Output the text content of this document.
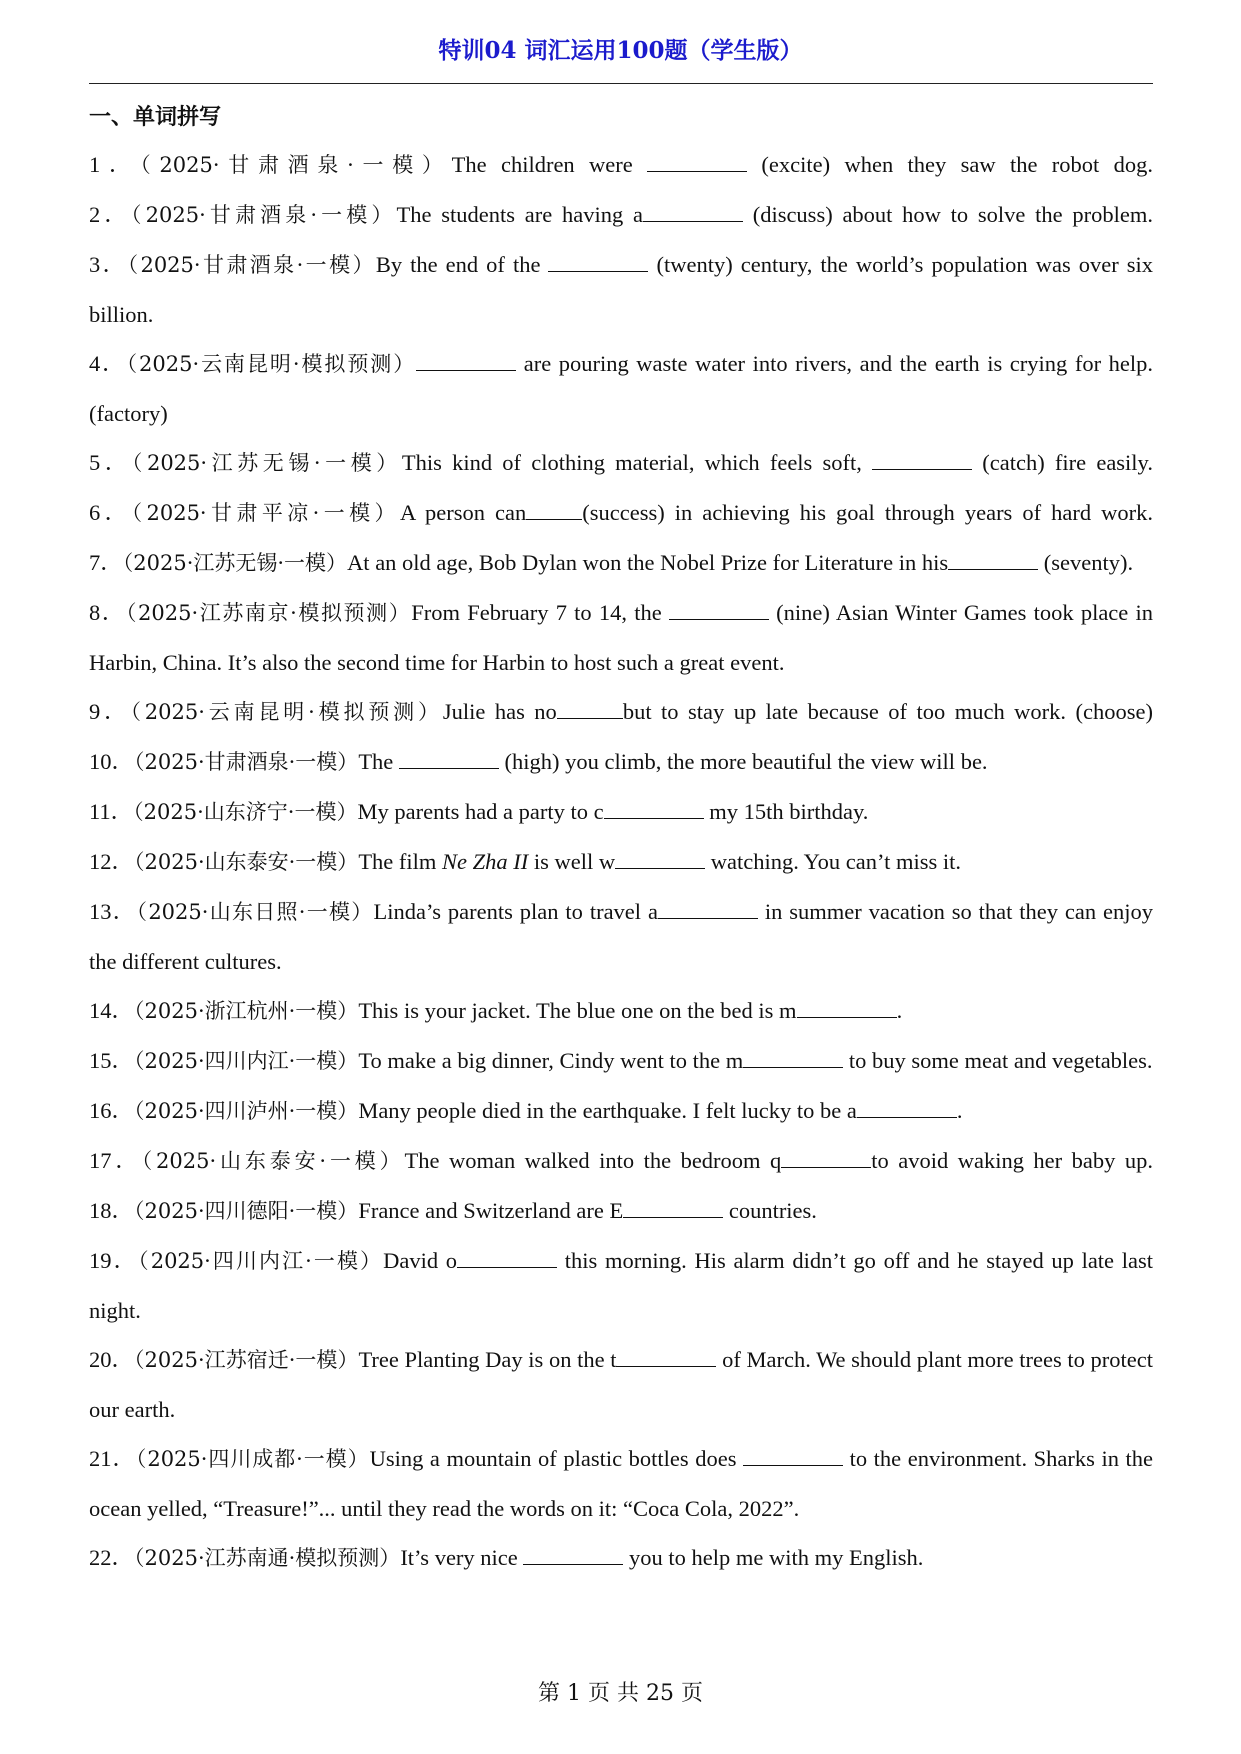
特训04 词汇运用100题（学生版）
一、单词拼写

1．（2025·甘肃酒泉·一模）The children were	(excite) when they saw the robot dog.

2．（2025·甘肃酒泉·一模）The students are having a	(discuss) about how to solve the problem.

3．（2025·甘肃酒泉·一模）By the end of the	(twenty) century, the world’s population was over six billion.

4．（2025·云南昆明·模拟预测）	are pouring waste water into rivers, and the earth is crying for help. (factory)

5．（2025·江苏无锡·一模）This kind of clothing material, which feels soft,	(catch) fire easily.

6．（2025·甘肃平凉·一模）A person can (success) in achieving his goal through years of hard work.

7．（2025·江苏无锡·一模）At an old age, Bob Dylan won the Nobel Prize for Literature in his	(seventy).

8．（2025·江苏南京·模拟预测）From February 7 to 14, the	(nine) Asian Winter Games took place in Harbin, China. It’s also the second time for Harbin to host such a great event.

9．（2025·云南昆明·模拟预测）Julie has no	but to stay up late because of too much work. (choose)

10．（2025·甘肃酒泉·一模）The	(high) you climb, the more beautiful the view will be.

11．（2025·山东济宁·一模）My parents had a party to c	my 15th birthday.

12．（2025·山东泰安·一模）The film Ne Zha II is well w	watching. You can’t miss it.

13．（2025·山东日照·一模）Linda’s parents plan to travel a	in summer vacation so that they can enjoy the different cultures.

14．（2025·浙江杭州·一模）This is your jacket. The blue one on the bed is m	.

15．（2025·四川内江·一模）To make a big dinner, Cindy went to the m	to buy some meat and vegetables.

16．（2025·四川泸州·一模）Many people died in the earthquake. I felt lucky to be a	.

17．（2025·山东泰安·一模）The woman walked into the bedroom q	to avoid waking her baby up.

18．（2025·四川德阳·一模）France and Switzerland are E	countries.

19．（2025·四川内江·一模）David o	this morning. His alarm didn’t go off and he stayed up late last night.

20．（2025·江苏宿迁·一模）Tree Planting Day is on the t	of March. We should plant more trees to protect our earth.

21．（2025·四川成都·一模）Using a mountain of plastic bottles does	to the environment. Sharks in the ocean yelled, “Treasure!”... until they read the words on it: “Coca Cola, 2022”.

22．（2025·江苏南通·模拟预测）It’s very nice	you to help me with my English.

第 1 页 共 25 页
